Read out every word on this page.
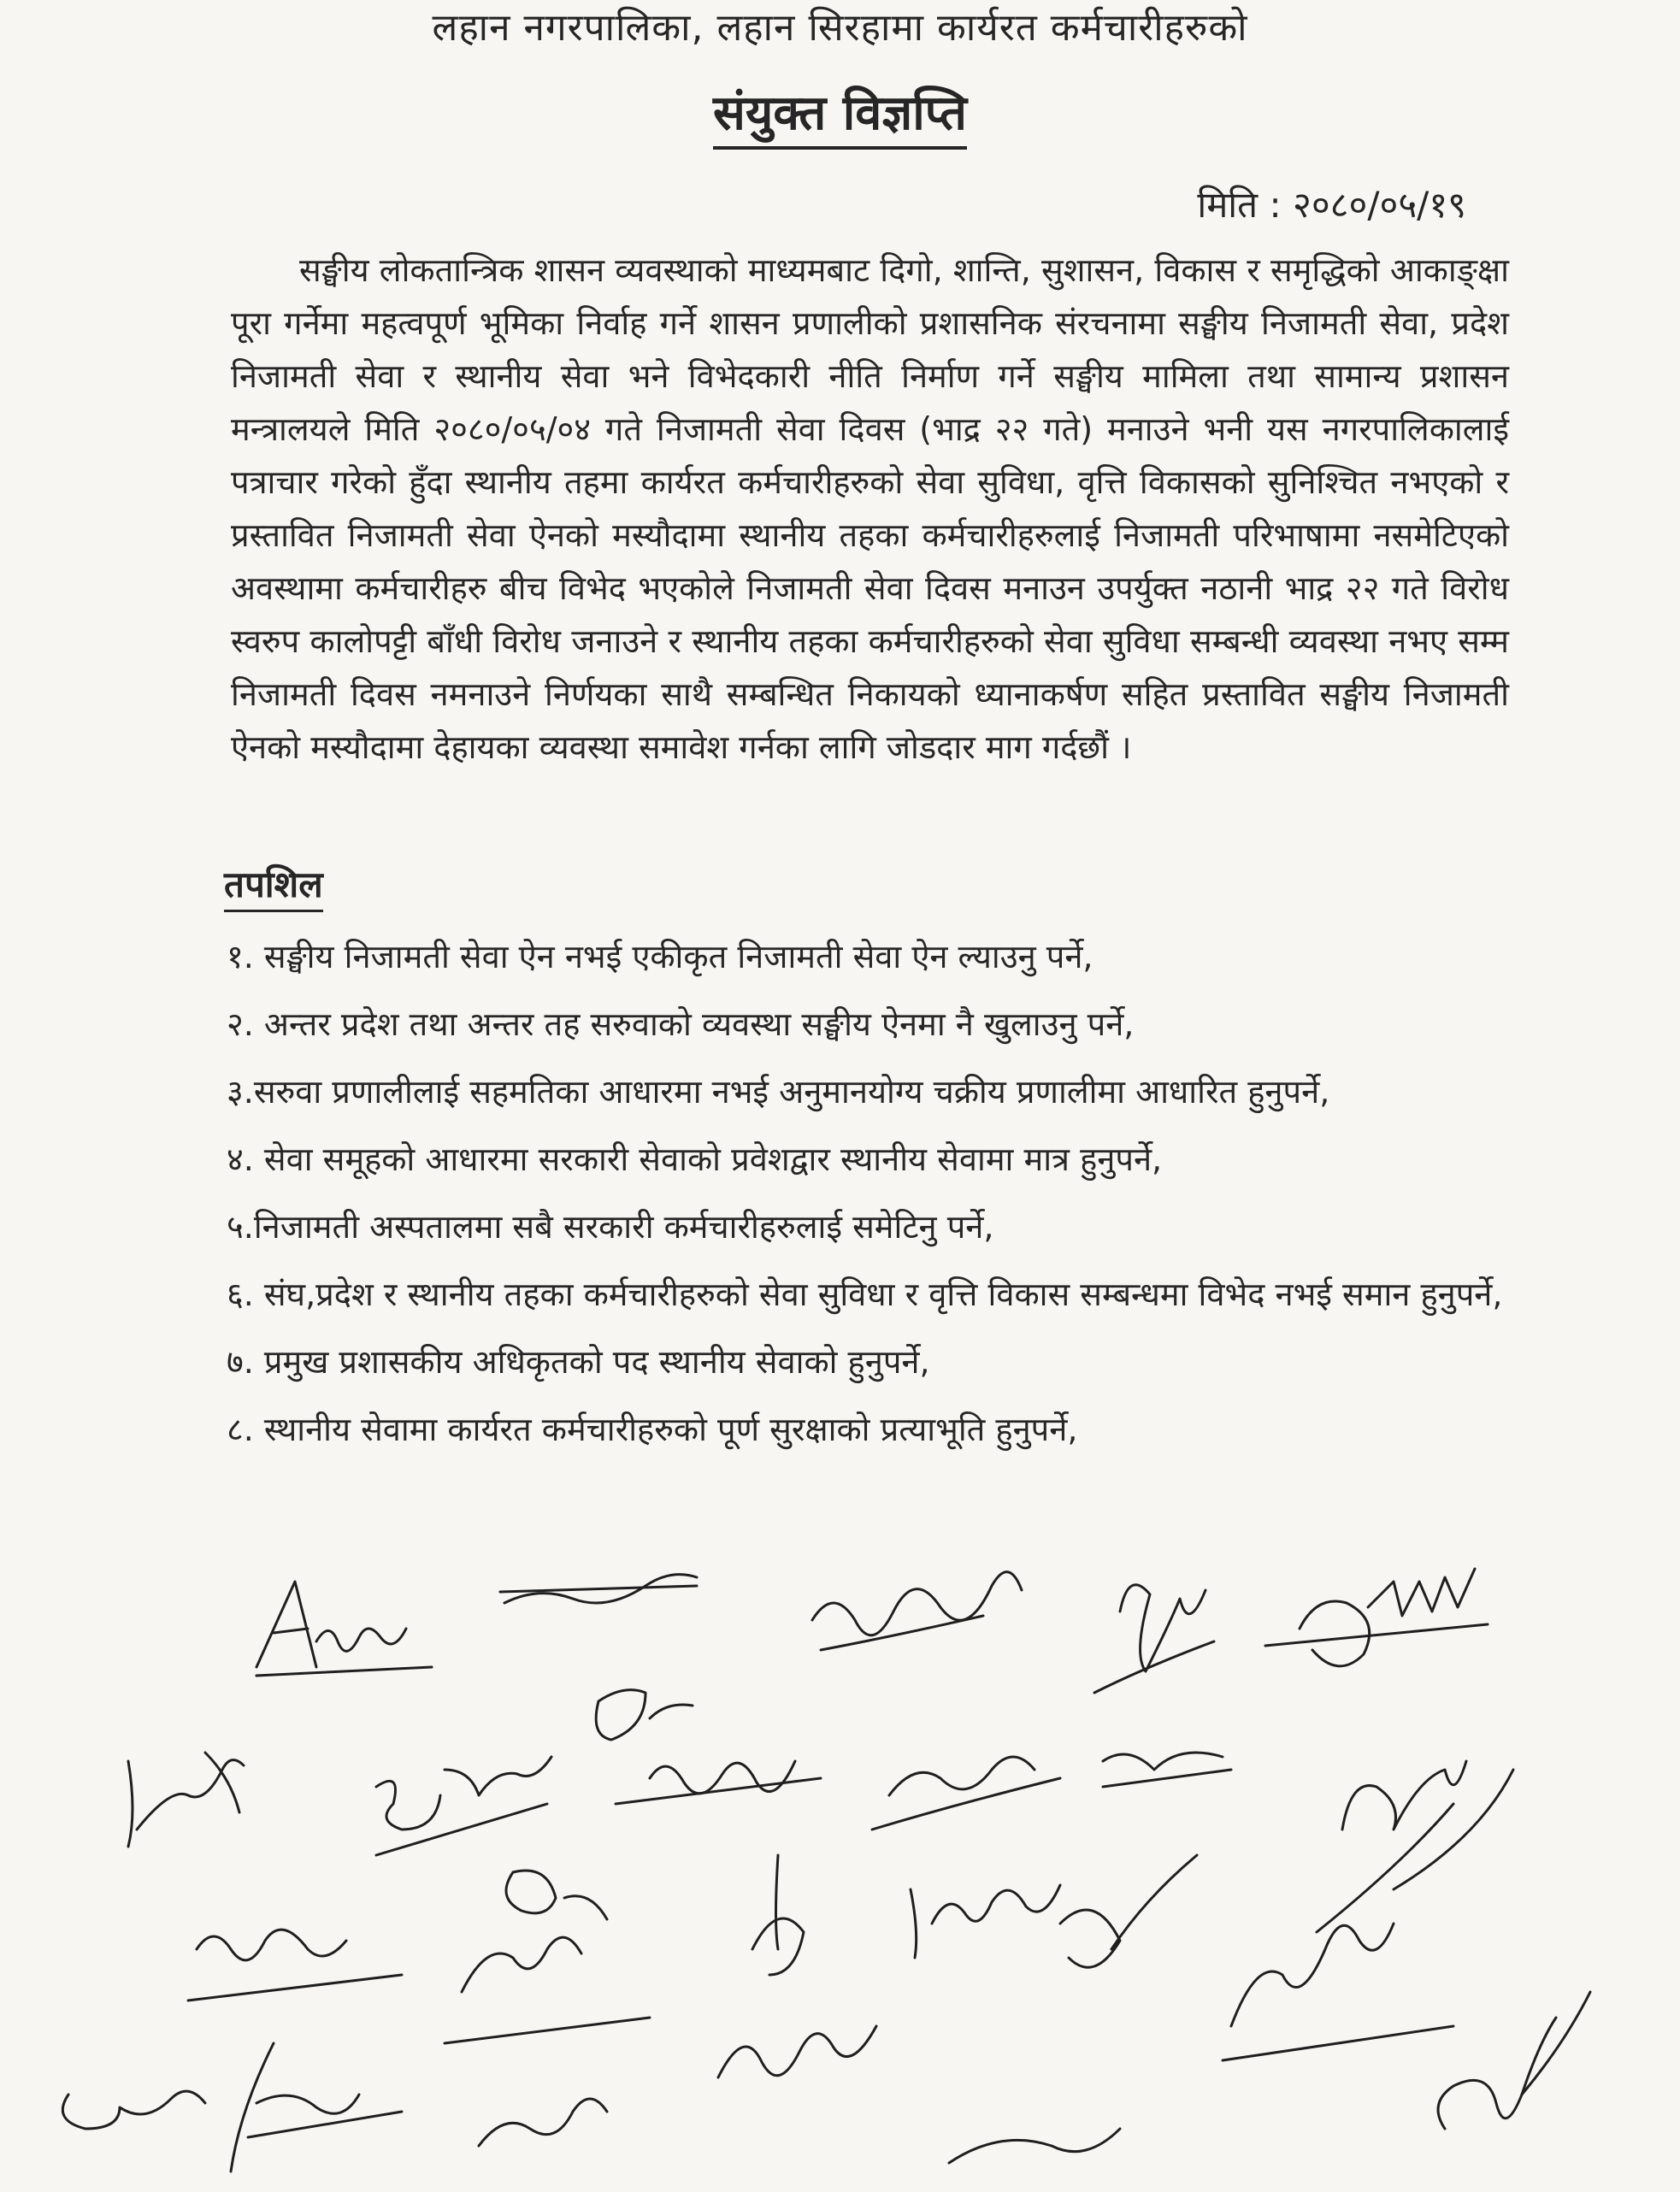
लहान नगरपालिका, लहान सिरहामा कार्यरत कर्मचारीहरुको
संयुक्त विज्ञप्ति
मिति : २०८०/०५/१९

सङ्घीय लोकतान्त्रिक शासन व्यवस्थाको माध्यमबाट दिगो, शान्ति, सुशासन, विकास र समृद्धिको आकाङ्क्षा पूरा गर्नेमा महत्वपूर्ण भूमिका निर्वाह गर्ने शासन प्रणालीको प्रशासनिक संरचनामा सङ्घीय निजामती सेवा, प्रदेश निजामती सेवा र स्थानीय सेवा भने विभेदकारी नीति निर्माण गर्ने सङ्घीय मामिला तथा सामान्य प्रशासन मन्त्रालयले मिति २०८०/०५/०४ गते निजामती सेवा दिवस (भाद्र २२ गते) मनाउने भनी यस नगरपालिकालाई पत्राचार गरेको हुँदा स्थानीय तहमा कार्यरत कर्मचारीहरुको सेवा सुविधा, वृत्ति विकासको सुनिश्चित नभएको र प्रस्तावित निजामती सेवा ऐनको मस्यौदामा स्थानीय तहका कर्मचारीहरुलाई निजामती परिभाषामा नसमेटिएको अवस्थामा कर्मचारीहरु बीच विभेद भएकोले निजामती सेवा दिवस मनाउन उपर्युक्त नठानी भाद्र २२ गते विरोध स्वरुप कालोपट्टी बाँधी विरोध जनाउने र स्थानीय तहका कर्मचारीहरुको सेवा सुविधा सम्बन्धी व्यवस्था नभए सम्म निजामती दिवस नमनाउने निर्णयका साथै सम्बन्धित निकायको ध्यानाकर्षण सहित प्रस्तावित सङ्घीय निजामती ऐनको मस्यौदामा देहायका व्यवस्था समावेश गर्नका लागि जोडदार माग गर्दछौं ।

तपशिल
१. सङ्घीय निजामती सेवा ऐन नभई एकीकृत निजामती सेवा ऐन ल्याउनु पर्ने,
२. अन्तर प्रदेश तथा अन्तर तह सरुवाको व्यवस्था सङ्घीय ऐनमा नै खुलाउनु पर्ने,
३.सरुवा प्रणालीलाई सहमतिका आधारमा नभई अनुमानयोग्य चक्रीय प्रणालीमा आधारित हुनुपर्ने,
४. सेवा समूहको आधारमा सरकारी सेवाको प्रवेशद्वार स्थानीय सेवामा मात्र हुनुपर्ने,
५.निजामती अस्पतालमा सबै सरकारी कर्मचारीहरुलाई समेटिनु पर्ने,
६. संघ,प्रदेश र स्थानीय तहका कर्मचारीहरुको सेवा सुविधा र वृत्ति विकास सम्बन्धमा विभेद नभई समान हुनुपर्ने,
७. प्रमुख प्रशासकीय अधिकृतको पद स्थानीय सेवाको हुनुपर्ने,
८. स्थानीय सेवामा कार्यरत कर्मचारीहरुको पूर्ण सुरक्षाको प्रत्याभूति हुनुपर्ने,
